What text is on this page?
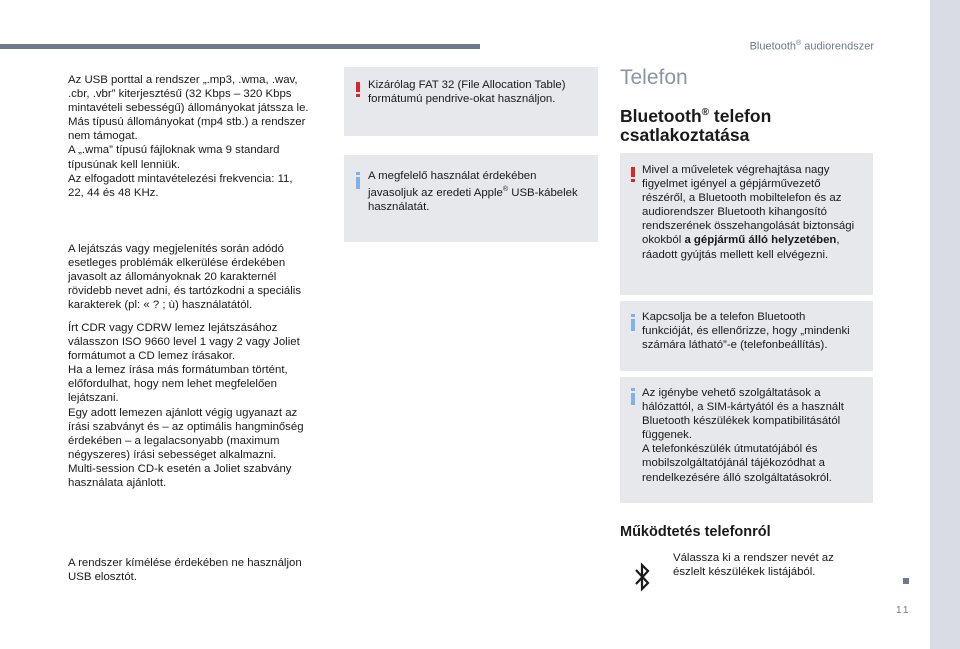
Bluetooth® audiorendszer
11
Az USB porttal a rendszer „.mp3, .wma, .wav,
.cbr, .vbr” kiterjesztésű (32 Kbps – 320 Kbps
mintavételi sebességű) állományokat játssza le.
Más típusú állományokat (mp4 stb.) a rendszer
nem támogat.
A „.wma” típusú fájloknak wma 9 standard
típusúnak kell lenniük.
Az elfogadott mintavételezési frekvencia: 11,
22, 44 és 48 KHz.
A lejátszás vagy megjelenítés során adódó
esetleges problémák elkerülése érdekében
javasolt az állományoknak 20 karakternél
rövidebb nevet adni, és tartózkodni a speciális
karakterek (pl: « ? ; ù) használatától.
Írt CDR vagy CDRW lemez lejátszásához
válasszon ISO 9660 level 1 vagy 2 vagy Joliet
formátumot a CD lemez írásakor.
Ha a lemez írása más formátumban történt,
előfordulhat, hogy nem lehet megfelelően
lejátszani.
Egy adott lemezen ajánlott végig ugyanazt az
írási szabványt és – az optimális hangminőség
érdekében – a legalacsonyabb (maximum
négyszeres) írási sebességet alkalmazni.
Multi-session CD-k esetén a Joliet szabvány
használata ajánlott.
A rendszer kímélése érdekében ne használjon
USB elosztót.
Kizárólag FAT 32 (File Allocation Table)
formátumú pendrive-okat használjon.
A megfelelő használat érdekében
javasoljuk az eredeti Apple® USB-kábelek
használatát.
Telefon
Bluetooth® telefon
csatlakoztatása
Mivel a műveletek végrehajtása nagy
figyelmet igényel a gépjárművezető
részéről, a Bluetooth mobiltelefon és az
audiorendszer Bluetooth kihangosító
rendszerének összehangolását biztonsági
okokból a gépjármű álló helyzetében,
ráadott gyújtás mellett kell elvégezni.
Kapcsolja be a telefon Bluetooth
funkcióját, és ellenőrizze, hogy „mindenki
számára látható”-e (telefonbeállítás).
Az igénybe vehető szolgáltatások a
hálózattól, a SIM-kártyától és a használt
Bluetooth készülékek kompatibilitásától
függenek.
A telefonkészülék útmutatójából és
mobilszolgáltatójánál tájékozódhat a
rendelkezésére álló szolgáltatásokról.
Működtetés telefonról
Válassza ki a rendszer nevét az
észlelt készülékek listájából.
